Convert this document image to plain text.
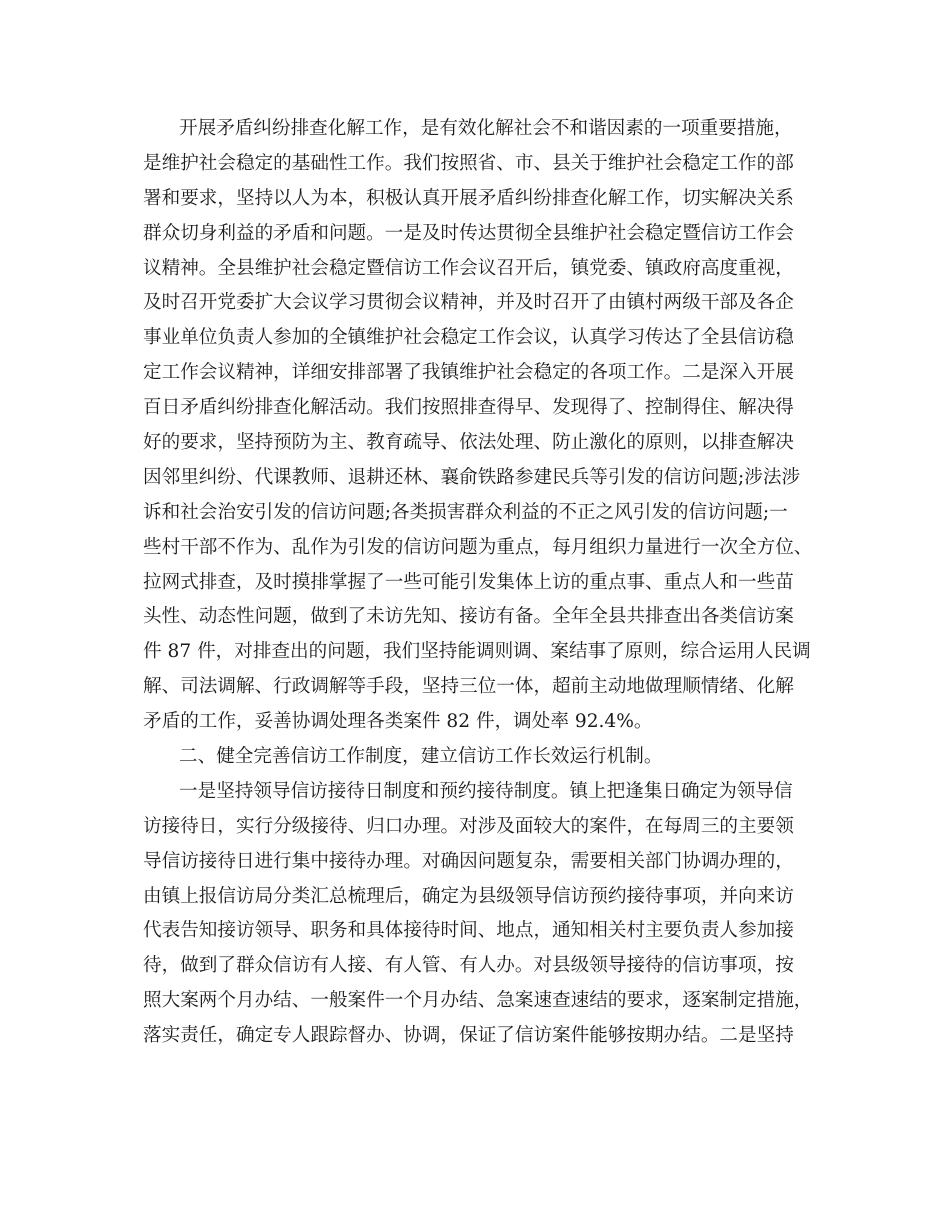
开展矛盾纠纷排查化解工作，是有效化解社会不和谐因素的一项重要措施，
是维护社会稳定的基础性工作。我们按照省、市、县关于维护社会稳定工作的部
署和要求，坚持以人为本，积极认真开展矛盾纠纷排查化解工作，切实解决关系
群众切身利益的矛盾和问题。一是及时传达贯彻全县维护社会稳定暨信访工作会
议精神。全县维护社会稳定暨信访工作会议召开后，镇党委、镇政府高度重视，
及时召开党委扩大会议学习贯彻会议精神，并及时召开了由镇村两级干部及各企
事业单位负责人参加的全镇维护社会稳定工作会议，认真学习传达了全县信访稳
定工作会议精神，详细安排部署了我镇维护社会稳定的各项工作。二是深入开展
百日矛盾纠纷排查化解活动。我们按照排查得早、发现得了、控制得住、解决得
好的要求，坚持预防为主、教育疏导、依法处理、防止激化的原则，以排查解决
因邻里纠纷、代课教师、退耕还林、襄俞铁路参建民兵等引发的信访问题;涉法涉
诉和社会治安引发的信访问题;各类损害群众利益的不正之风引发的信访问题;一
些村干部不作为、乱作为引发的信访问题为重点，每月组织力量进行一次全方位、
拉网式排查，及时摸排掌握了一些可能引发集体上访的重点事、重点人和一些苗
头性、动态性问题，做到了未访先知、接访有备。全年全县共排查出各类信访案
件 87 件，对排查出的问题，我们坚持能调则调、案结事了原则，综合运用人民调
解、司法调解、行政调解等手段，坚持三位一体，超前主动地做理顺情绪、化解
矛盾的工作，妥善协调处理各类案件 82 件，调处率 92.4%。
二、健全完善信访工作制度，建立信访工作长效运行机制。
一是坚持领导信访接待日制度和预约接待制度。镇上把逢集日确定为领导信
访接待日，实行分级接待、归口办理。对涉及面较大的案件，在每周三的主要领
导信访接待日进行集中接待办理。对确因问题复杂，需要相关部门协调办理的，
由镇上报信访局分类汇总梳理后，确定为县级领导信访预约接待事项，并向来访
代表告知接访领导、职务和具体接待时间、地点，通知相关村主要负责人参加接
待，做到了群众信访有人接、有人管、有人办。对县级领导接待的信访事项，按
照大案两个月办结、一般案件一个月办结、急案速查速结的要求，逐案制定措施，
落实责任，确定专人跟踪督办、协调，保证了信访案件能够按期办结。二是坚持
